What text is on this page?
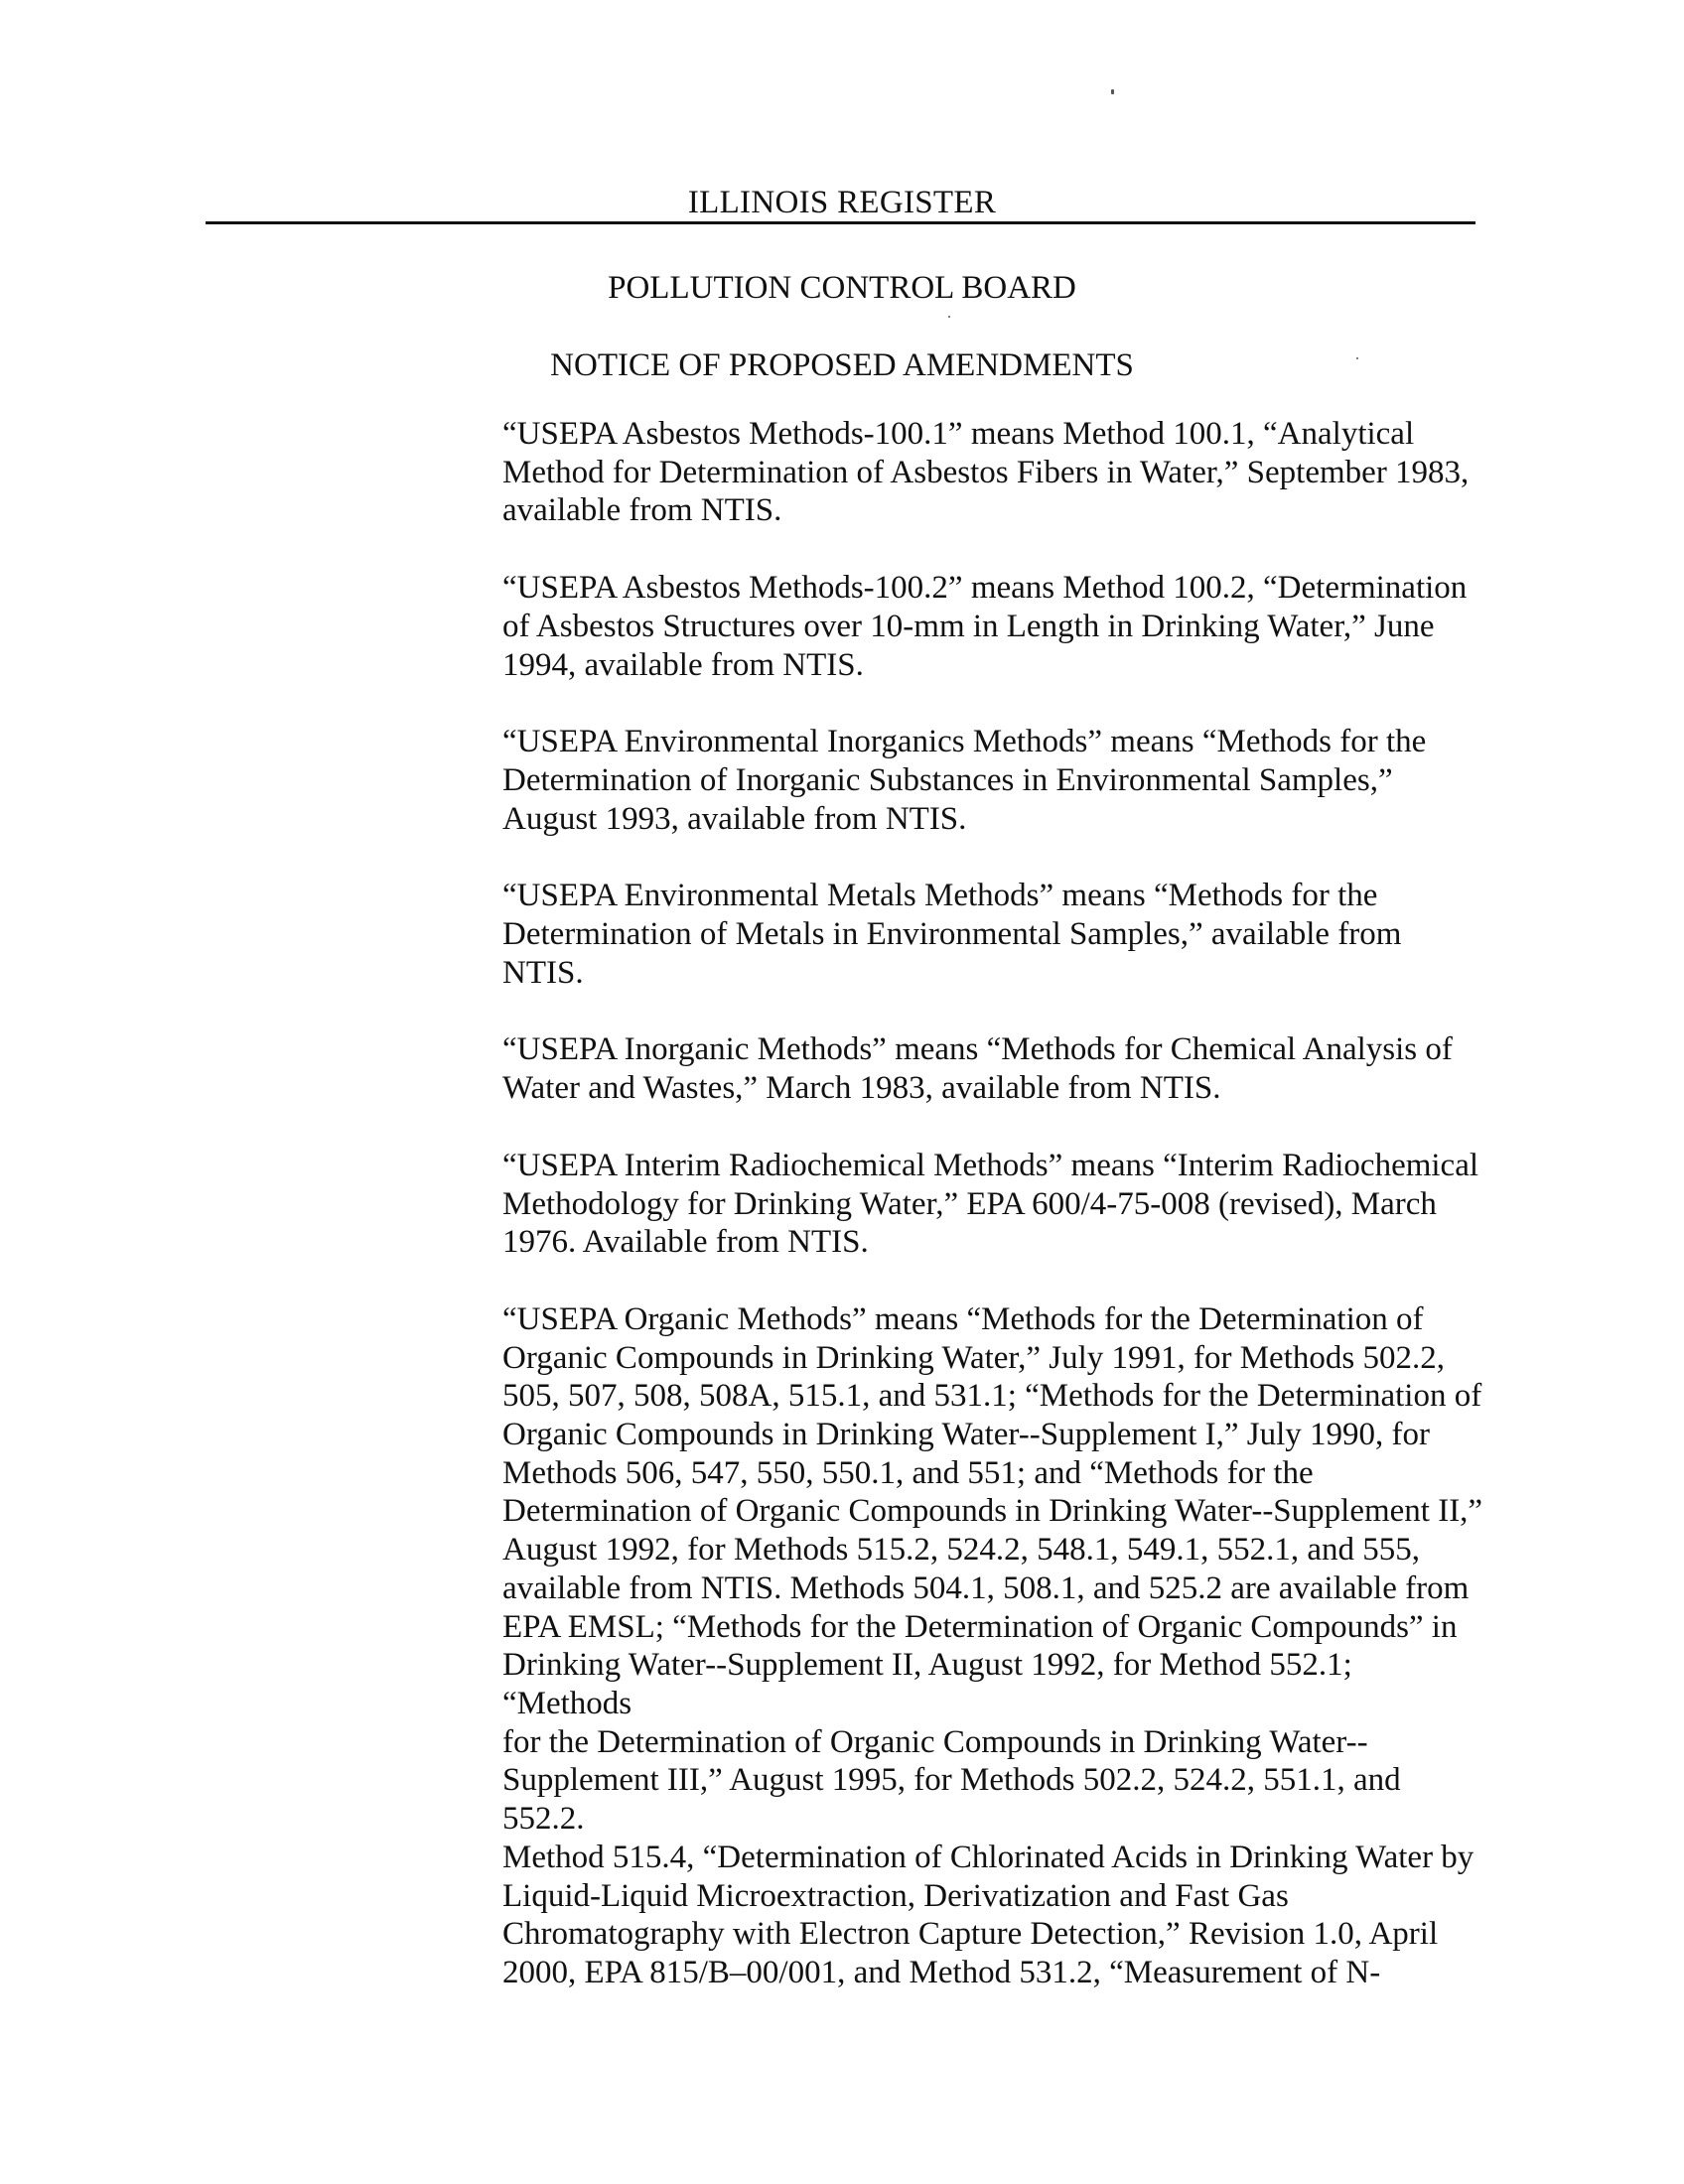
ILLINOIS REGISTER
POLLUTION CONTROL BOARD
NOTICE OF PROPOSED AMENDMENTS

“USEPA Asbestos Methods-100.1” means Method 100.1, “Analytical
Method for Determination of Asbestos Fibers in Water,” September 1983,
available from NTIS.

“USEPA Asbestos Methods-100.2” means Method 100.2, “Determination
of Asbestos Structures over 10-mm in Length in Drinking Water,” June
1994, available from NTIS.

“USEPA Environmental Inorganics Methods” means “Methods for the
Determination of Inorganic Substances in Environmental Samples,”
August 1993, available from NTIS.

“USEPA Environmental Metals Methods” means “Methods for the
Determination of Metals in Environmental Samples,” available from
NTIS.

“USEPA Inorganic Methods” means “Methods for Chemical Analysis of
Water and Wastes,” March 1983, available from NTIS.

“USEPA Interim Radiochemical Methods” means “Interim Radiochemical
Methodology for Drinking Water,” EPA 600/4-75-008 (revised), March
1976. Available from NTIS.

“USEPA Organic Methods” means “Methods for the Determination of
Organic Compounds in Drinking Water,” July 1991, for Methods 502.2,
505, 507, 508, 508A, 515.1, and 531.1; “Methods for the Determination of
Organic Compounds in Drinking Water--Supplement I,” July 1990, for
Methods 506, 547, 550, 550.1, and 551; and “Methods for the
Determination of Organic Compounds in Drinking Water--Supplement II,”
August 1992, for Methods 515.2, 524.2, 548.1, 549.1, 552.1, and 555,
available from NTIS. Methods 504.1, 508.1, and 525.2 are available from
EPA EMSL; “Methods for the Determination of Organic Compounds” in
Drinking Water--Supplement II, August 1992, for Method 552.1; “Methods
for the Determination of Organic Compounds in Drinking Water--
Supplement III,” August 1995, for Methods 502.2, 524.2, 551.1, and 552.2.
Method 515.4, “Determination of Chlorinated Acids in Drinking Water by
Liquid-Liquid Microextraction, Derivatization and Fast Gas
Chromatography with Electron Capture Detection,” Revision 1.0, April
2000, EPA 815/B–00/001, and Method 531.2, “Measurement of N-
